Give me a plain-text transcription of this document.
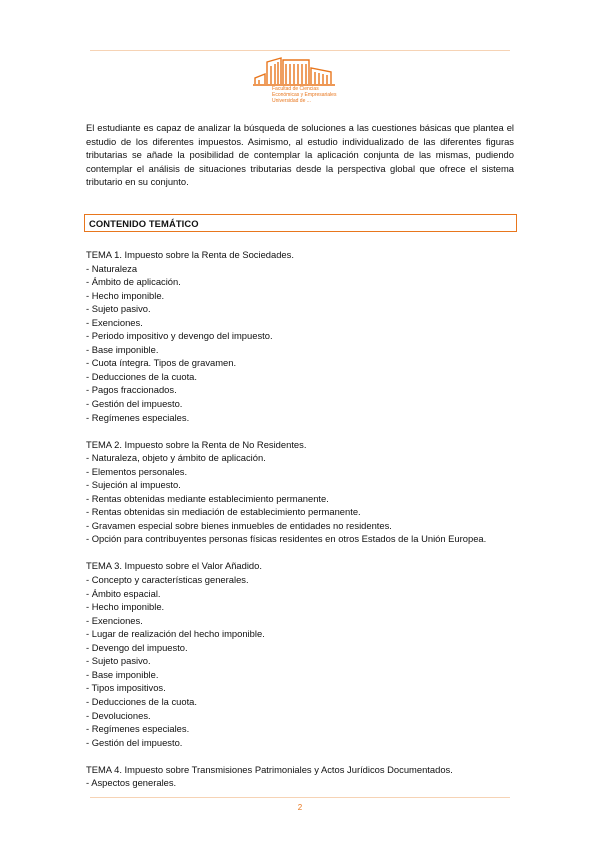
Facultad de Ciencias
Económicas y Empresariales
Universidad de ...

El estudiante es capaz de analizar la búsqueda de soluciones a las cuestiones básicas que plantea el estudio de los diferentes impuestos. Asimismo, al estudio individualizado de las diferentes figuras tributarias se añade la posibilidad de contemplar la aplicación conjunta de las mismas, pudiendo contemplar el análisis de situaciones tributarias desde la perspectiva global que ofrece el sistema tributario en su conjunto.

CONTENIDO TEMÁTICO
TEMA 1. Impuesto sobre la Renta de Sociedades.
- Naturaleza
- Ámbito de aplicación.
- Hecho imponible.
- Sujeto pasivo.
- Exenciones.
- Periodo impositivo y devengo del impuesto.
- Base imponible.
- Cuota íntegra. Tipos de gravamen.
- Deducciones de la cuota.
- Pagos fraccionados.
- Gestión del impuesto.
- Regímenes especiales.
TEMA 2. Impuesto sobre la Renta de No Residentes.
- Naturaleza, objeto y ámbito de aplicación.
- Elementos personales.
- Sujeción al impuesto.
- Rentas obtenidas mediante establecimiento permanente.
- Rentas obtenidas sin mediación de establecimiento permanente.
- Gravamen especial sobre bienes inmuebles de entidades no residentes.
- Opción para contribuyentes personas físicas residentes en otros Estados de la Unión Europea.
TEMA 3. Impuesto sobre el Valor Añadido.
- Concepto y características generales.
- Ámbito espacial.
- Hecho imponible.
- Exenciones.
- Lugar de realización del hecho imponible.
- Devengo del impuesto.
- Sujeto pasivo.
- Base imponible.
- Tipos impositivos.
- Deducciones de la cuota.
- Devoluciones.
- Regímenes especiales.
- Gestión del impuesto.
TEMA 4. Impuesto sobre Transmisiones Patrimoniales y Actos Jurídicos Documentados.
- Aspectos generales.
2
